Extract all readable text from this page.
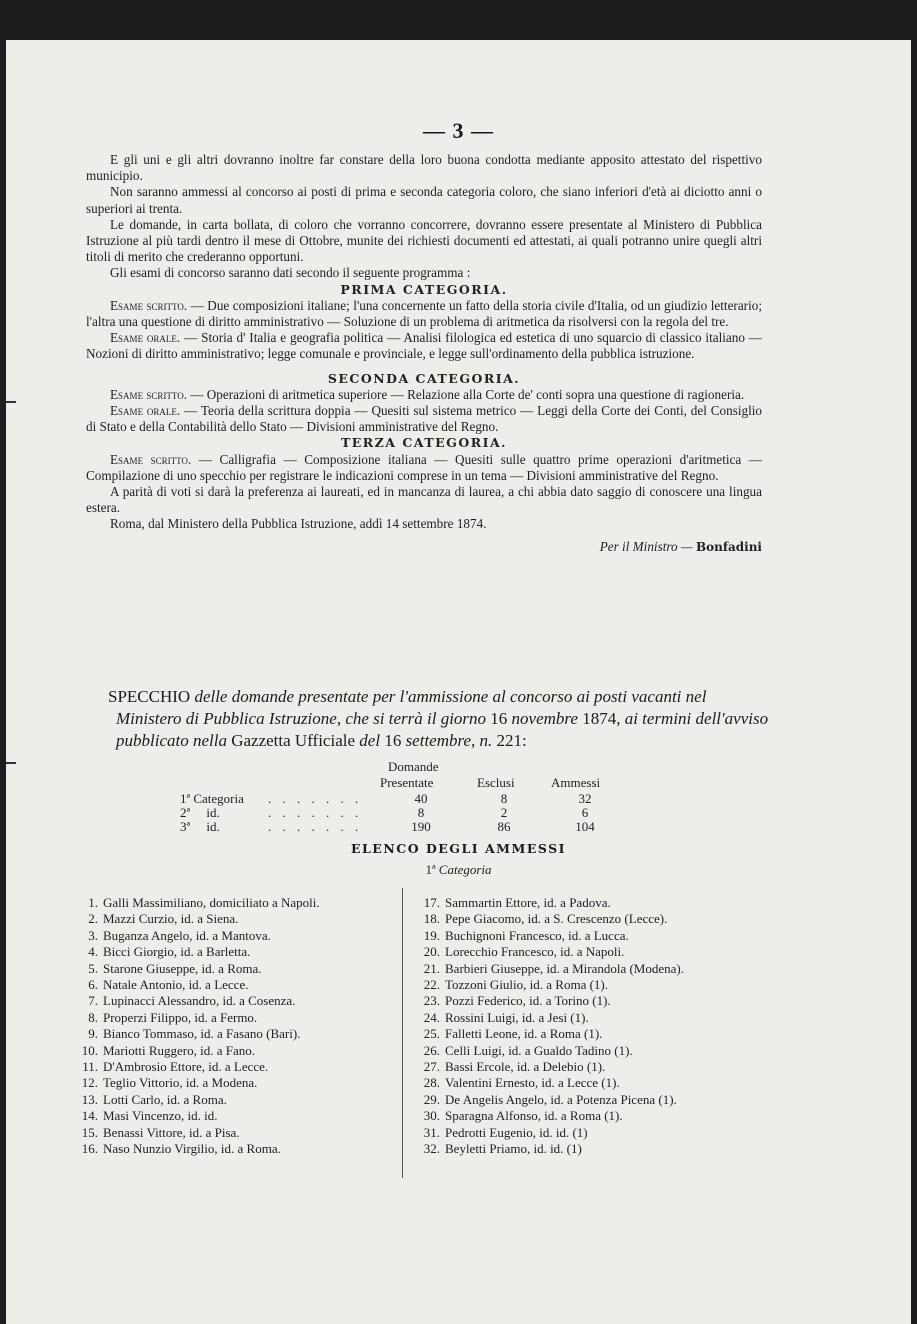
— 3 —

E gli uni e gli altri dovranno inoltre far constare della loro buona condotta mediante apposito attestato del rispettivo municipio.

Non saranno ammessi al concorso ai posti di prima e seconda categoria coloro, che siano inferiori d'età ai diciotto anni o superiori ai trenta.

Le domande, in carta bollata, di coloro che vorranno concorrere, dovranno essere presentate al Ministero di Pubblica Istruzione al più tardi dentro il mese di Ottobre, munite dei richiesti documenti ed attestati, ai quali potranno unire quegli altri titoli di merito che crederanno opportuni.

Gli esami di concorso saranno dati secondo il seguente programma :

PRIMA CATEGORIA.

Esame scritto. — Due composizioni italiane; l'una concernente un fatto della storia civile d'Italia, od un giudizio letterario; l'altra una questione di diritto amministrativo — Soluzione di un problema di aritmetica da risolversi con la regola del tre.

Esame orale. — Storia d' Italia e geografia politica — Analisi filologica ed estetica di uno squarcio di classico italiano — Nozioni di diritto amministrativo; legge comunale e provinciale, e legge sull'ordinamento della pubblica istruzione.

SECONDA CATEGORIA.

Esame scritto. — Operazioni di aritmetica superiore — Relazione alla Corte de' conti sopra una questione di ragioneria.

Esame orale. — Teoria della scrittura doppia — Quesiti sul sistema metrico — Leggi della Corte dei Conti, del Consiglio di Stato e della Contabilità dello Stato — Divisioni amministrative del Regno.

TERZA CATEGORIA.

Esame scritto. — Calligrafia — Composizione italiana — Quesiti sulle quattro prime operazioni d'aritmetica — Compilazione di uno specchio per registrare le indicazioni comprese in un tema — Divisioni amministrative del Regno.

A parità di voti si darà la preferenza ai laureati, ed in mancanza di laurea, a chi abbia dato saggio di conoscere una lingua estera.

Roma, dal Ministero della Pubblica Istruzione, addì 14 settembre 1874.

Per il Ministro — Bonfadini

SPECCHIO delle domande presentate per l'ammissione al concorso ai posti vacanti nel Ministero di Pubblica Istruzione, che si terrà il giorno 16 novembre 1874, ai termini dell'avviso pubblicato nella Gazzetta Ufficiale del 16 settembre, n. 221:

Domande
Presentate	Esclusi	Ammessi
1ª Categoria . . . . . . .	40	8	32
2ª     id.	. . . . . . .	8	2	6
3ª     id.	. . . . . . .	190	86	104
ELENCO DEGLI AMMESSI
1ª Categoria
1. Galli Massimiliano, domiciliato a Napoli.
2. Mazzi Curzio, id. a Siena.
3. Buganza Angelo, id. a Mantova.
4. Bicci Giorgio, id. a Barletta.
5. Starone Giuseppe, id. a Roma.
6. Natale Antonio, id. a Lecce.
7. Lupinacci Alessandro, id. a Cosenza.
8. Properzi Filippo, id. a Fermo.
9. Bianco Tommaso, id. a Fasano (Bari).
10. Mariotti Ruggero, id. a Fano.
11. D'Ambrosio Ettore, id. a Lecce.
12. Teglio Vittorio, id. a Modena.
13. Lotti Carlo, id. a Roma.
14. Masi Vincenzo, id. id.
15. Benassi Vittore, id. a Pisa.
16. Naso Nunzio Virgilio, id. a Roma.
17. Sammartin Ettore, id. a Padova.
18. Pepe Giacomo, id. a S. Crescenzo (Lecce).
19. Buchignoni Francesco, id. a Lucca.
20. Lorecchio Francesco, id. a Napoli.
21. Barbieri Giuseppe, id. a Mirandola (Modena).
22. Tozzoni Giulio, id. a Roma (1).
23. Pozzi Federico, id. a Torino (1).
24. Rossini Luigi, id. a Jesi (1).
25. Falletti Leone, id. a Roma (1).
26. Celli Luigi, id. a Gualdo Tadino (1).
27. Bassi Ercole, id. a Delebio (1).
28. Valentini Ernesto, id. a Lecce (1).
29. De Angelis Angelo, id. a Potenza Picena (1).
30. Sparagna Alfonso, id. a Roma (1).
31. Pedrotti Eugenio, id. id. (1)
32. Beyletti Priamo, id. id. (1)
